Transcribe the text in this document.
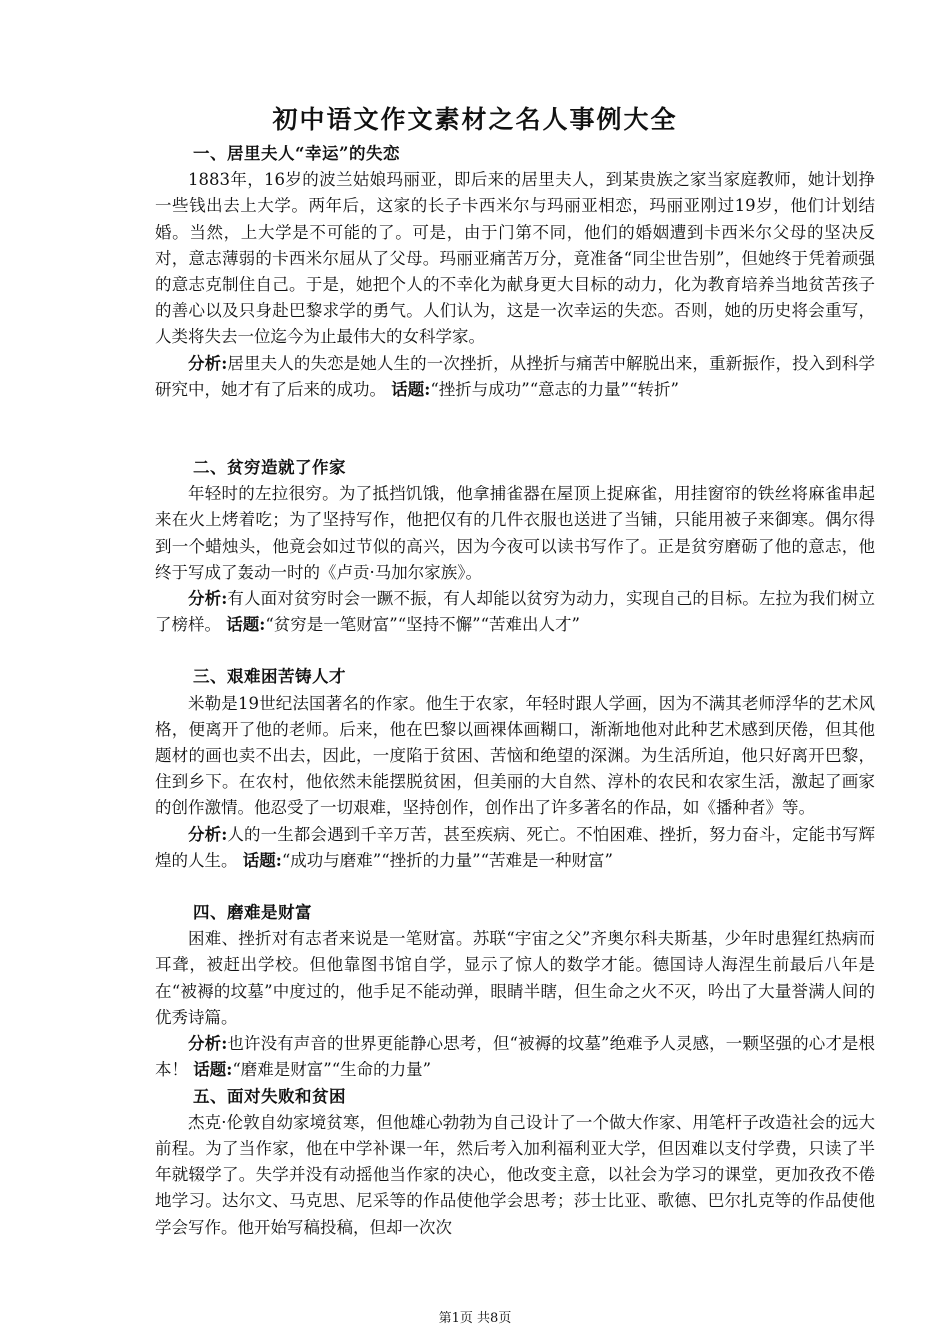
初中语文作文素材之名人事例大全

一、居里夫人“幸运”的失恋

1883年，16岁的波兰姑娘玛丽亚，即后来的居里夫人，到某贵族之家当家庭教师，她计划挣一些钱出去上大学。两年后，这家的长子卡西米尔与玛丽亚相恋，玛丽亚刚过19岁，他们计划结婚。当然，上大学是不可能的了。可是，由于门第不同，他们的婚姻遭到卡西米尔父母的坚决反对，意志薄弱的卡西米尔屈从了父母。玛丽亚痛苦万分，竟准备“同尘世告别”，但她终于凭着顽强的意志克制住自己。于是，她把个人的不幸化为献身更大目标的动力，化为教育培养当地贫苦孩子的善心以及只身赴巴黎求学的勇气。人们认为，这是一次幸运的失恋。否则，她的历史将会重写，人类将失去一位迄今为止最伟大的女科学家。

分析:居里夫人的失恋是她人生的一次挫折，从挫折与痛苦中解脱出来，重新振作，投入到科学研究中，她才有了后来的成功。 话题:“挫折与成功”“意志的力量”“转折”

二、贫穷造就了作家

年轻时的左拉很穷。为了抵挡饥饿，他拿捕雀器在屋顶上捉麻雀，用挂窗帘的铁丝将麻雀串起来在火上烤着吃；为了坚持写作，他把仅有的几件衣服也送进了当铺，只能用被子来御寒。偶尔得到一个蜡烛头，他竟会如过节似的高兴，因为今夜可以读书写作了。正是贫穷磨砺了他的意志，他终于写成了轰动一时的《卢贡·马加尔家族》。

分析:有人面对贫穷时会一蹶不振，有人却能以贫穷为动力，实现自己的目标。左拉为我们树立了榜样。 话题:“贫穷是一笔财富”“坚持不懈”“苦难出人才”

三、艰难困苦铸人才

米勒是19世纪法国著名的作家。他生于农家，年轻时跟人学画，因为不满其老师浮华的艺术风格，便离开了他的老师。后来，他在巴黎以画裸体画糊口，渐渐地他对此种艺术感到厌倦，但其他题材的画也卖不出去，因此，一度陷于贫困、苦恼和绝望的深渊。为生活所迫，他只好离开巴黎，住到乡下。在农村，他依然未能摆脱贫困，但美丽的大自然、淳朴的农民和农家生活，激起了画家的创作激情。他忍受了一切艰难，坚持创作，创作出了许多著名的作品，如《播种者》等。

分析:人的一生都会遇到千辛万苦，甚至疾病、死亡。不怕困难、挫折，努力奋斗，定能书写辉煌的人生。 话题:“成功与磨难”“挫折的力量”“苦难是一种财富”

四、磨难是财富

困难、挫折对有志者来说是一笔财富。苏联“宇宙之父”齐奥尔科夫斯基，少年时患猩红热病而耳聋，被赶出学校。但他靠图书馆自学，显示了惊人的数学才能。德国诗人海涅生前最后八年是在“被褥的坟墓”中度过的，他手足不能动弹，眼睛半瞎，但生命之火不灭，吟出了大量誉满人间的优秀诗篇。

分析:也许没有声音的世界更能静心思考，但“被褥的坟墓”绝难予人灵感，一颗坚强的心才是根本！ 话题:“磨难是财富”“生命的力量”

五、面对失败和贫困

杰克·伦敦自幼家境贫寒，但他雄心勃勃为自己设计了一个做大作家、用笔杆子改造社会的远大前程。为了当作家，他在中学补课一年，然后考入加利福利亚大学，但因难以支付学费，只读了半年就辍学了。失学并没有动摇他当作家的决心，他改变主意，以社会为学习的课堂，更加孜孜不倦地学习。达尔文、马克思、尼采等的作品使他学会思考；莎士比亚、歌德、巴尔扎克等的作品使他学会写作。他开始写稿投稿，但却一次次

第1页 共8页
